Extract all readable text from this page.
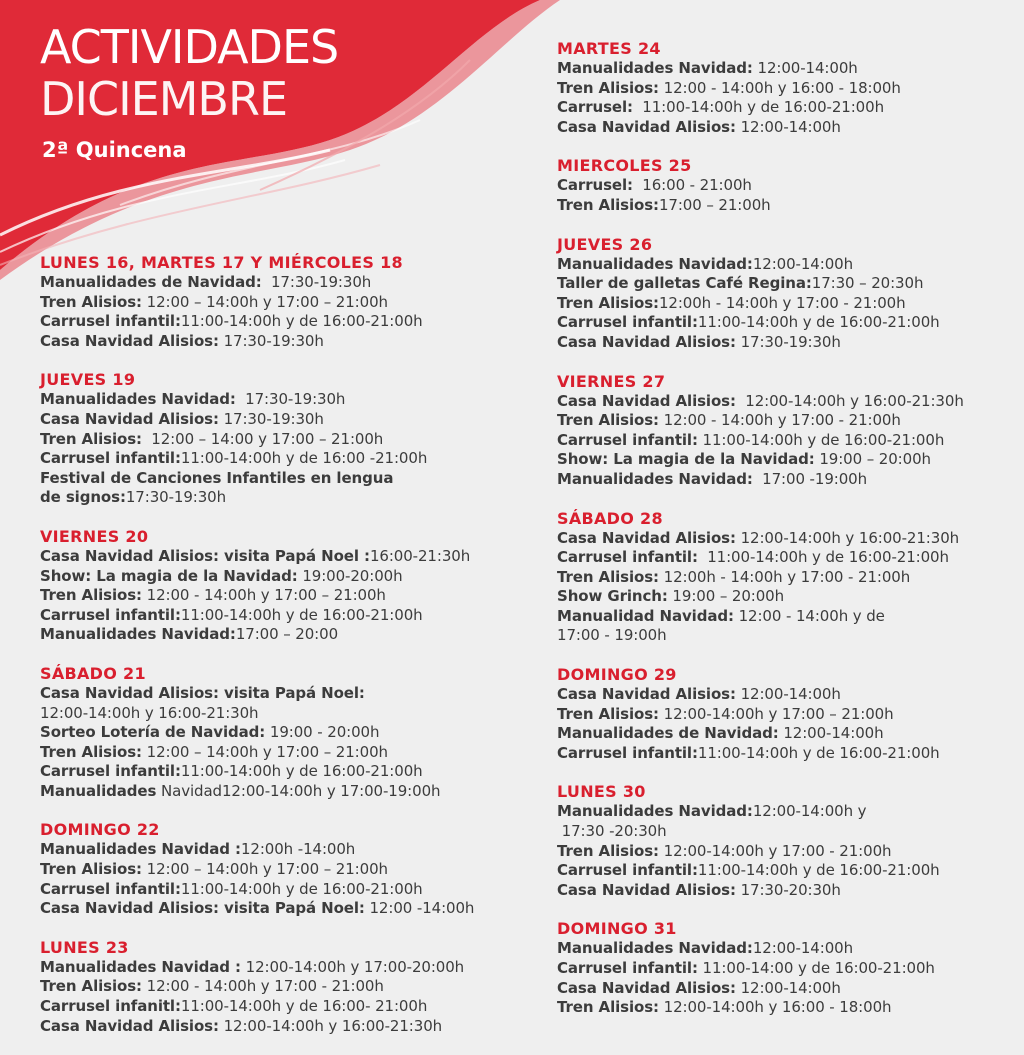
ACTIVIDADES
DICIEMBRE
2ª Quincena
LUNES 16, MARTES 17 Y MIÉRCOLES 18
Manualidades de Navidad:  17:30-19:30h
Tren Alisios: 12:00 – 14:00h y 17:00 – 21:00h
Carrusel infantil:11:00-14:00h y de 16:00-21:00h
Casa Navidad Alisios: 17:30-19:30h
JUEVES 19
Manualidades Navidad:  17:30-19:30h
Casa Navidad Alisios: 17:30-19:30h
Tren Alisios:  12:00 – 14:00 y 17:00 – 21:00h
Carrusel infantil:11:00-14:00h y de 16:00 -21:00h
Festival de Canciones Infantiles en lengua
de signos:17:30-19:30h
VIERNES 20
Casa Navidad Alisios: visita Papá Noel :16:00-21:30h
Show: La magia de la Navidad: 19:00-20:00h
Tren Alisios: 12:00 - 14:00h y 17:00 – 21:00h
Carrusel infantil:11:00-14:00h y de 16:00-21:00h
Manualidades Navidad:17:00 – 20:00
SÁBADO 21
Casa Navidad Alisios: visita Papá Noel:
12:00-14:00h y 16:00-21:30h
Sorteo Lotería de Navidad: 19:00 - 20:00h
Tren Alisios: 12:00 – 14:00h y 17:00 – 21:00h
Carrusel infantil:11:00-14:00h y de 16:00-21:00h
Manualidades Navidad12:00-14:00h y 17:00-19:00h
DOMINGO 22
Manualidades Navidad :12:00h -14:00h
Tren Alisios: 12:00 – 14:00h y 17:00 – 21:00h
Carrusel infantil:11:00-14:00h y de 16:00-21:00h
Casa Navidad Alisios: visita Papá Noel: 12:00 -14:00h
LUNES 23
Manualidades Navidad : 12:00-14:00h y 17:00-20:00h
Tren Alisios: 12:00 - 14:00h y 17:00 - 21:00h
Carrusel infanitl:11:00-14:00h y de 16:00- 21:00h
Casa Navidad Alisios: 12:00-14:00h y 16:00-21:30h
MARTES 24
Manualidades Navidad: 12:00-14:00h
Tren Alisios: 12:00 - 14:00h y 16:00 - 18:00h
Carrusel:  11:00-14:00h y de 16:00-21:00h
Casa Navidad Alisios: 12:00-14:00h
MIERCOLES 25
Carrusel:  16:00 - 21:00h
Tren Alisios:17:00 – 21:00h
JUEVES 26
Manualidades Navidad:12:00-14:00h
Taller de galletas Café Regina:17:30 – 20:30h
Tren Alisios:12:00h - 14:00h y 17:00 - 21:00h
Carrusel infantil:11:00-14:00h y de 16:00-21:00h
Casa Navidad Alisios: 17:30-19:30h
VIERNES 27
Casa Navidad Alisios:  12:00-14:00h y 16:00-21:30h
Tren Alisios: 12:00 - 14:00h y 17:00 - 21:00h
Carrusel infantil: 11:00-14:00h y de 16:00-21:00h
Show: La magia de la Navidad: 19:00 – 20:00h
Manualidades Navidad:  17:00 -19:00h
SÁBADO 28
Casa Navidad Alisios: 12:00-14:00h y 16:00-21:30h
Carrusel infantil:  11:00-14:00h y de 16:00-21:00h
Tren Alisios: 12:00h - 14:00h y 17:00 - 21:00h
Show Grinch: 19:00 – 20:00h
Manualidad Navidad: 12:00 - 14:00h y de
17:00 - 19:00h
DOMINGO 29
Casa Navidad Alisios: 12:00-14:00h
Tren Alisios: 12:00-14:00h y 17:00 – 21:00h
Manualidades de Navidad: 12:00-14:00h
Carrusel infantil:11:00-14:00h y de 16:00-21:00h
LUNES 30
Manualidades Navidad:12:00-14:00h y
17:30 -20:30h
Tren Alisios: 12:00-14:00h y 17:00 - 21:00h
Carrusel infantil:11:00-14:00h y de 16:00-21:00h
Casa Navidad Alisios: 17:30-20:30h
DOMINGO 31
Manualidades Navidad:12:00-14:00h
Carrusel infantil: 11:00-14:00 y de 16:00-21:00h
Casa Navidad Alisios: 12:00-14:00h
Tren Alisios: 12:00-14:00h y 16:00 - 18:00h
